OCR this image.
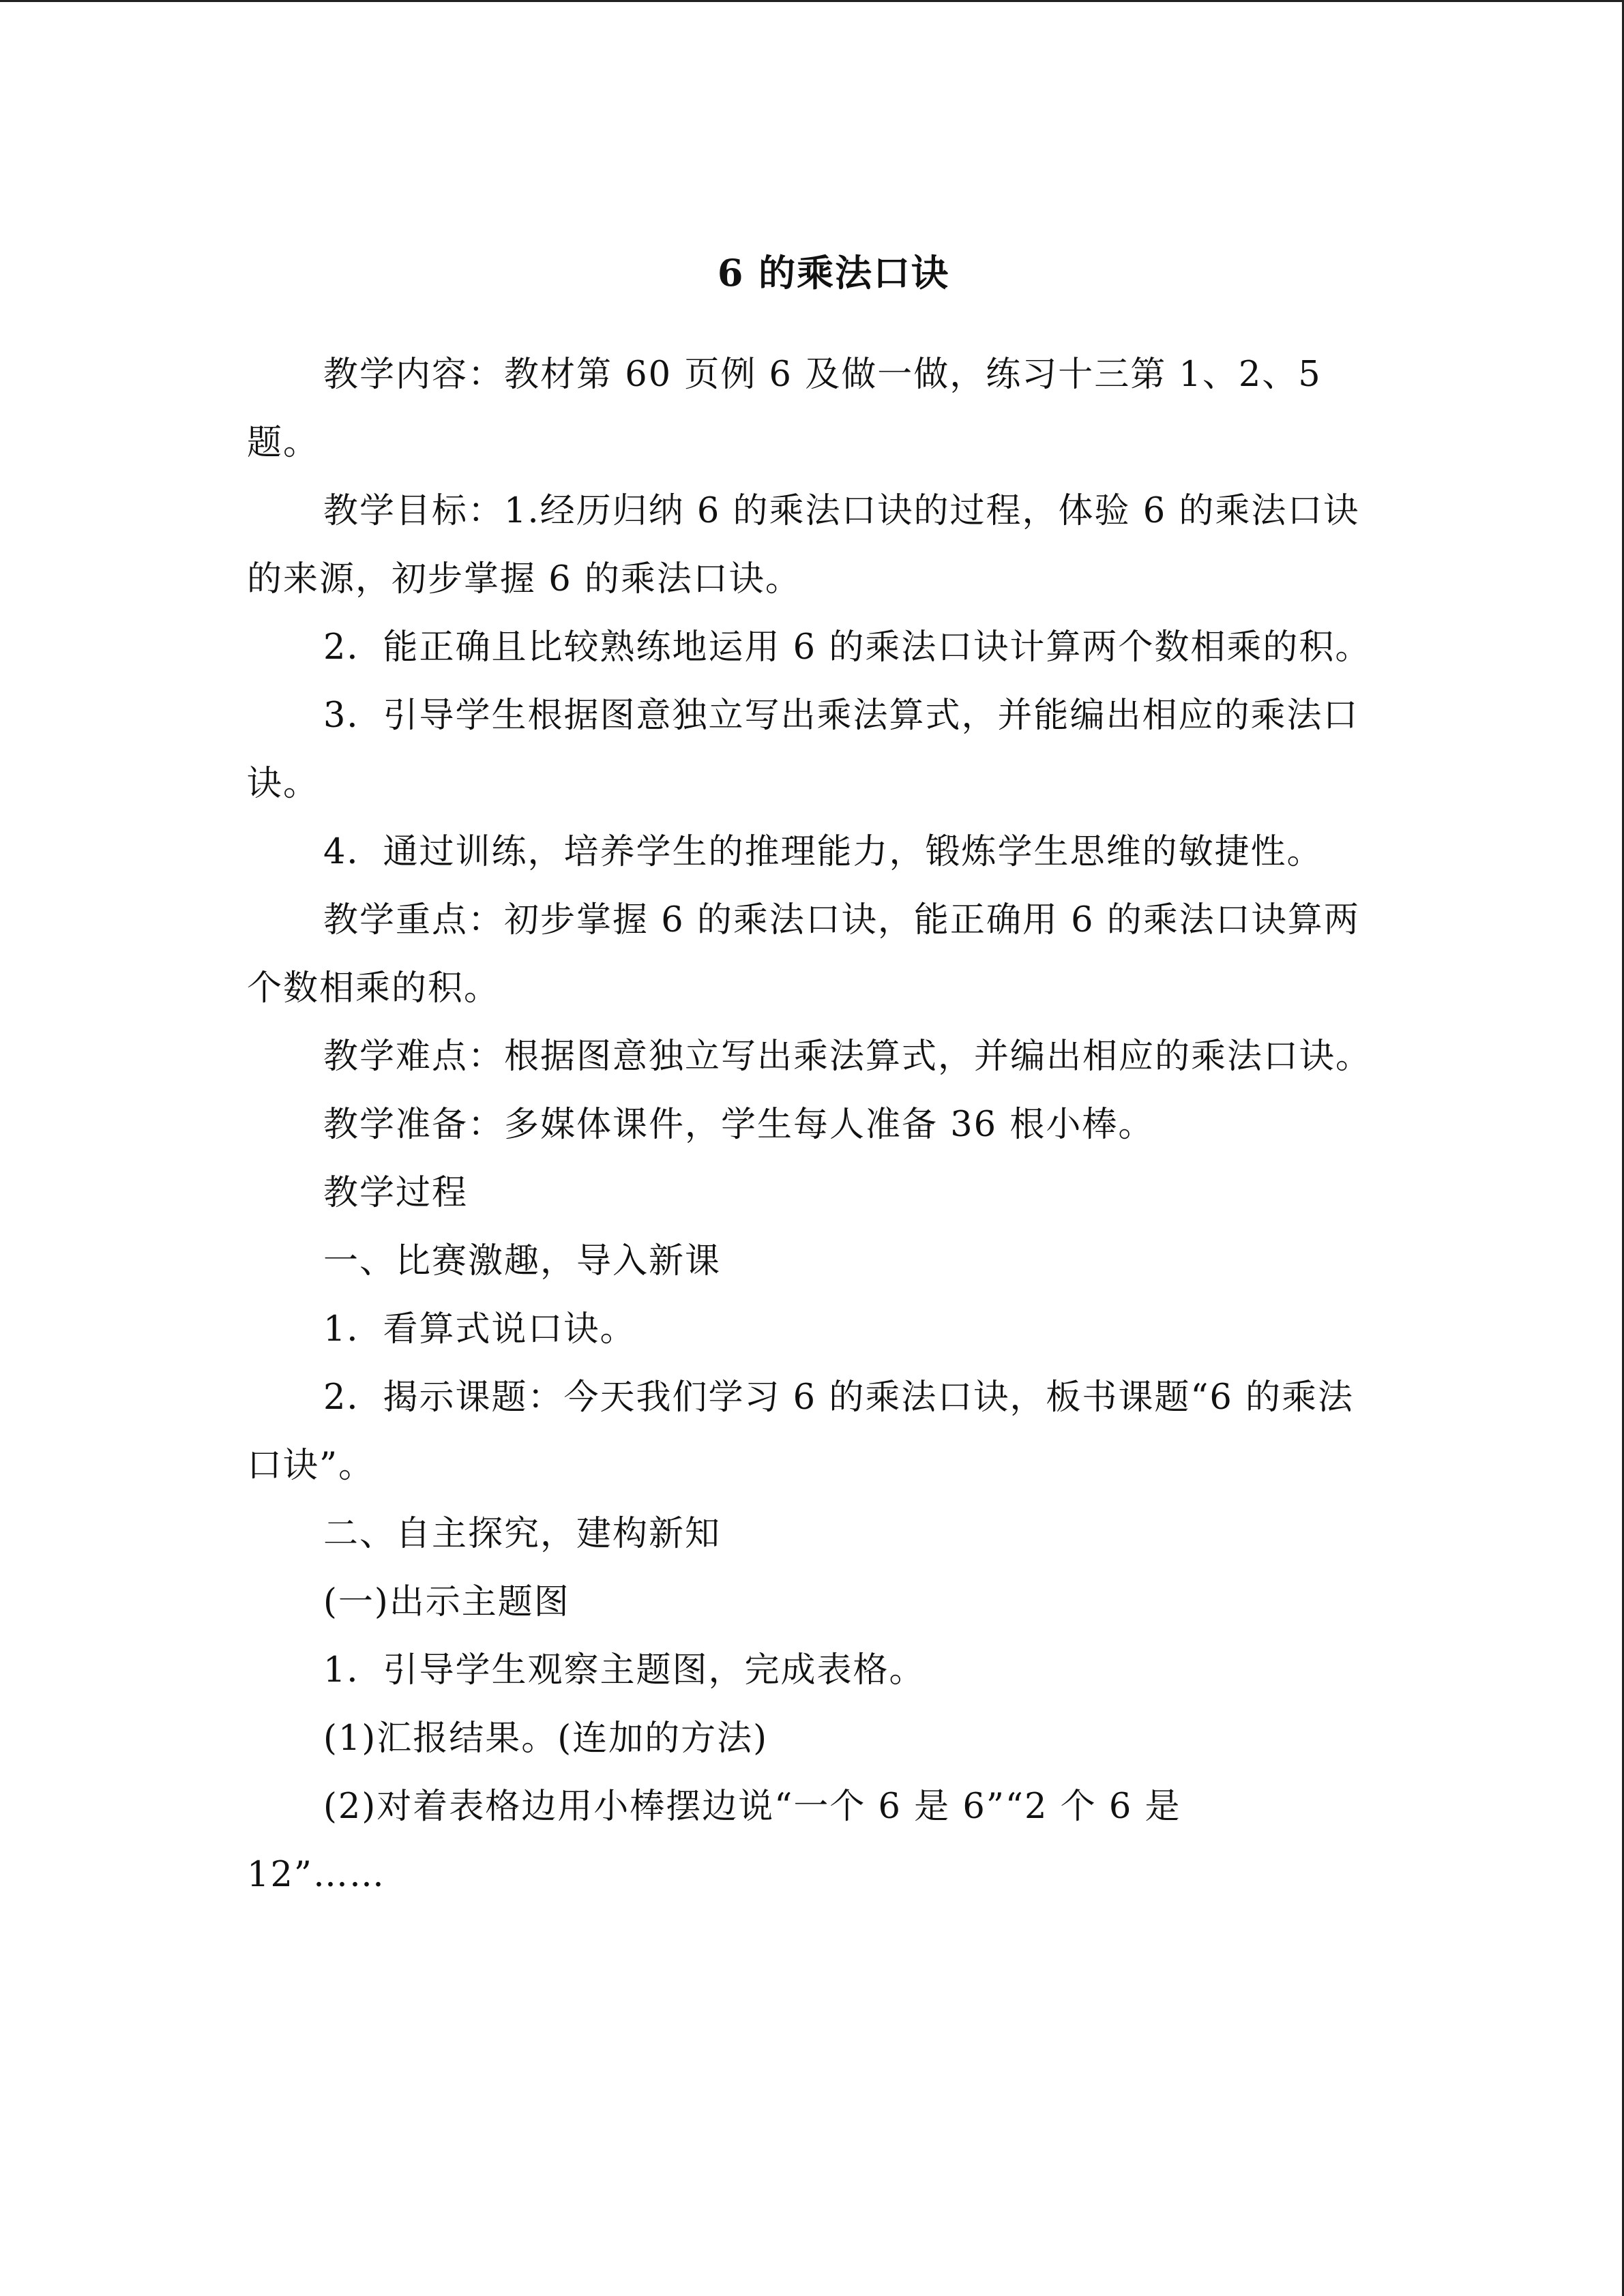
6 的乘法口诀

教学内容：教材第 60 页例 6 及做一做，练习十三第 1、2、5 题。

教学目标：1.经历归纳 6 的乘法口诀的过程，体验 6 的乘法口诀的来源，初步掌握 6 的乘法口诀。

2．能正确且比较熟练地运用 6 的乘法口诀计算两个数相乘的积。

3．引导学生根据图意独立写出乘法算式，并能编出相应的乘法口诀。

4．通过训练，培养学生的推理能力，锻炼学生思维的敏捷性。

教学重点：初步掌握 6 的乘法口诀，能正确用 6 的乘法口诀算两个数相乘的积。

教学难点：根据图意独立写出乘法算式，并编出相应的乘法口诀。

教学准备：多媒体课件，学生每人准备 36 根小棒。

教学过程

一、比赛激趣，导入新课

1．看算式说口诀。

2．揭示课题：今天我们学习 6 的乘法口诀，板书课题“6 的乘法口诀”。

二、自主探究，建构新知

(一)出示主题图

1．引导学生观察主题图，完成表格。

(1)汇报结果。(连加的方法)

(2)对着表格边用小棒摆边说“一个 6 是 6”“2 个 6 是

12”……
